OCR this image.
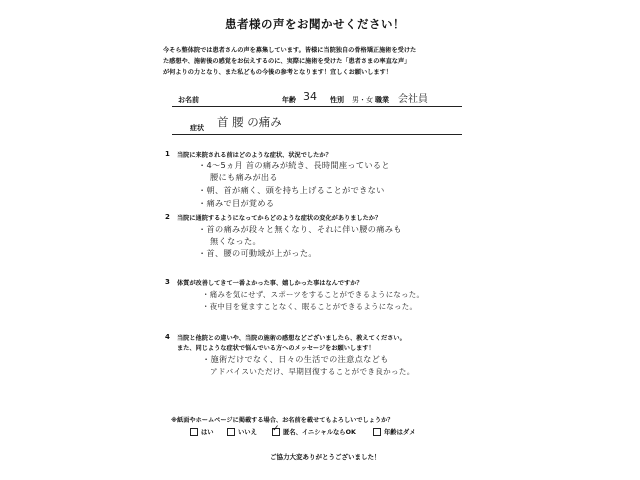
患者様の声をお聞かせください！
今そら整体院では患者さんの声を募集しています。皆様に当院独自の骨格矯正施術を受けた
た感想や、施術後の感覚をお伝えするのに、実際に施術を受けた「患者さまの率直な声」
が何よりの力となり、また私どもの今後の参考となります！宜しくお願いします！
お名前	年齢 34 性別 男・女 職業 会社員
症状 首 腰 の痛み
1 当院に来院される前はどのような症状、状況でしたか？
・4〜5ヵ月 首の痛みが続き、長時間座っていると
腰にも痛みが出る
・朝、首が痛く、頭を持ち上げることができない
・痛みで目が覚める
2 当院に通院するようになってからどのような症状の変化がありましたか？
・首の痛みが段々と無くなり、それに伴い腰の痛みも
無くなった。
・首、腰の可動域が上がった。
3 体質が改善してきて一番よかった事、嬉しかった事はなんですか？
・痛みを気にせず、スポーツをすることができるようになった。
・夜中目を覚ますことなく、眠ることができるようになった。
4 当院と他院との違いや、当院の施術の感想などございましたら、教えてください。
また、同じような症状で悩んでいる方へのメッセージをお願いします！
・施術だけでなく、日々の生活での注意点なども
アドバイスいただけ、早期回復することができ良かった。
※紙面やホームページに掲載する場合、お名前を載せてもよろしいでしょうか？
はい	いいえ
✓	匿名、イニシャルならOK	年齢はダメ
ご協力大変ありがとうございました！
